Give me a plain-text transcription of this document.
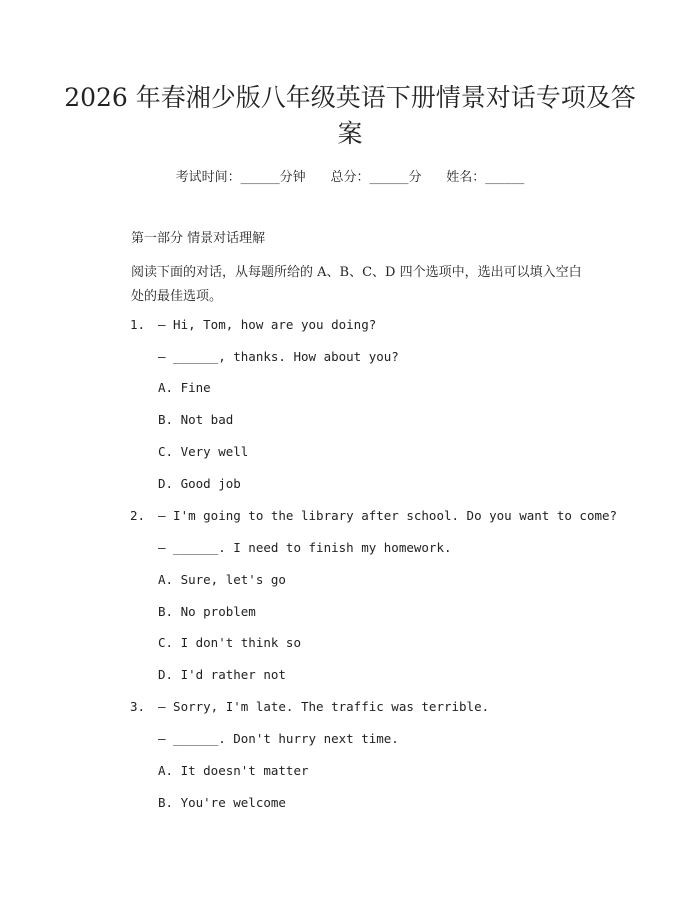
2026 年春湘少版八年级英语下册情景对话专项及答案
考试时间：______分钟 总分：______分 姓名：______
第一部分 情景对话理解
阅读下面的对话，从每题所给的 A、B、C、D 四个选项中，选出可以填入空白处的最佳选项。
1. — Hi, Tom, how are you doing?
— ______, thanks. How about you?
A. Fine
B. Not bad
C. Very well
D. Good job
2. — I'm going to the library after school. Do you want to come?
— ______. I need to finish my homework.
A. Sure, let's go
B. No problem
C. I don't think so
D. I'd rather not
3. — Sorry, I'm late. The traffic was terrible.
— ______. Don't hurry next time.
A. It doesn't matter
B. You're welcome
